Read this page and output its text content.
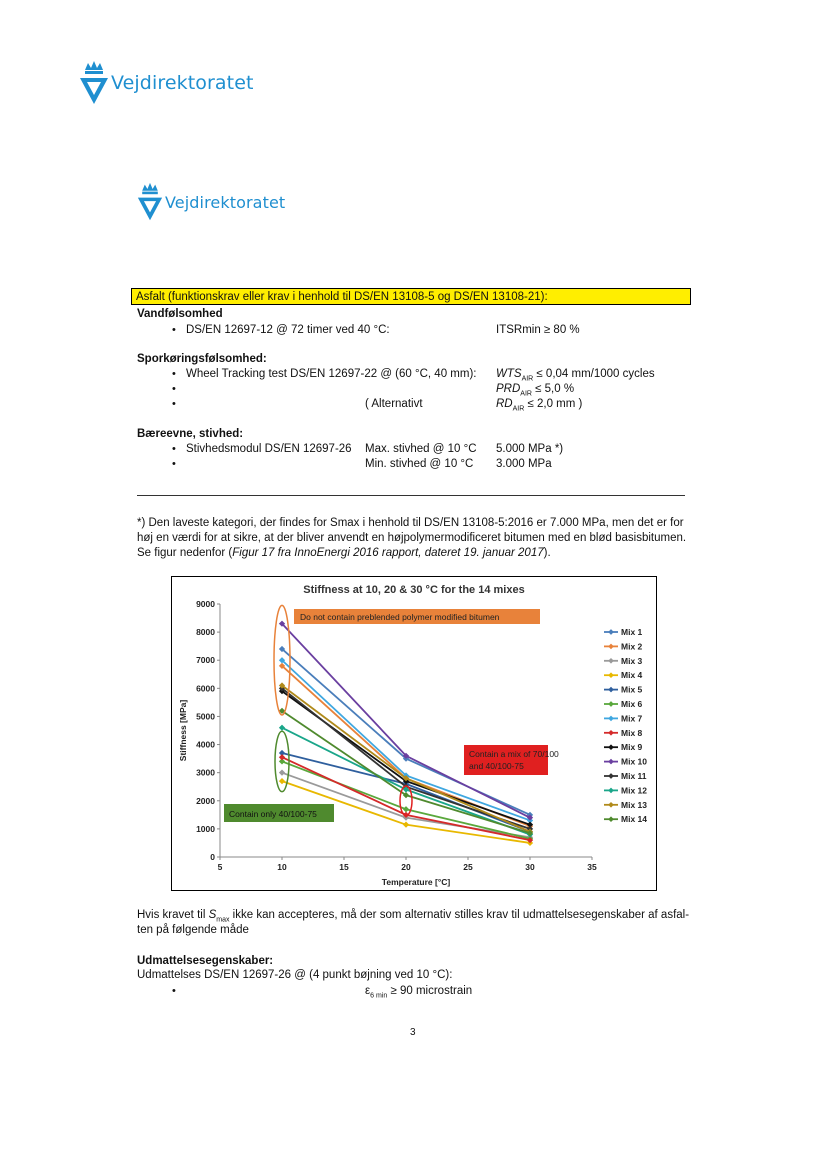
Vejdirektoratet
Vejdirektoratet
Asfalt (funktionskrav eller krav i henhold til DS/EN 13108-5 og DS/EN 13108-21):
Vandfølsomhed
• DS/EN 12697-12 @ 72 timer ved 40 °C:	ITSRmin ≥ 80 %
Sporkøringsfølsomhed:
• Wheel Tracking test DS/EN 12697-22 @ (60 °C, 40 mm): $WTS_{AIR} \le 0,04$ mm/1000 cycles
•	$PRD_{AIR} \le 5,0$ %
•	( Alternativt	$RD_{AIR} \le 2,0$ mm )
Bæreevne, stivhed:
• Stivhedsmodul DS/EN 12697-26 Max. stivhed @ 10 °C 5.000 MPa *)
•	Min. stivhed @ 10 °C 3.000 MPa
*) Den laveste kategori, der findes for Smax i henhold til DS/EN 13108-5:2016 er 7.000 MPa, men det er for
høj en værdi for at sikre, at der bliver anvendt en højpolymermodificeret bitumen med en blød basisbitumen.
Se figur nedenfor (Figur 17 fra InnoEnergi 2016 rapport, dateret 19. januar 2017).
Stiffness at 10, 20 & 30 °C for the 14 mixes
0
1000
2000
3000
4000
5000
6000
7000
8000
9000
5	10	15	20	25	30	35
Temperature [°C]
Stiffness [MPa]
Do not contain preblended polymer modified bitumen
Contain a mix of 70/100
and 40/100-75
Contain only 40/100-75
Mix 1
Mix 2
Mix 3
Mix 4
Mix 5
Mix 6
Mix 7
Mix 8
Mix 9
Mix 10
Mix 11
Mix 12
Mix 13
Mix 14
Hvis kravet til $S_{max}$ ikke kan accepteres, må der som alternativ stilles krav til udmattelsesegenskaber af asfal-
ten på følgende måde
Udmattelsesegenskaber:
Udmattelses DS/EN 12697-26 @ (4 punkt bøjning ved 10 °C):
•	$\varepsilon_{6 min} \ge 90$ microstrain
3
